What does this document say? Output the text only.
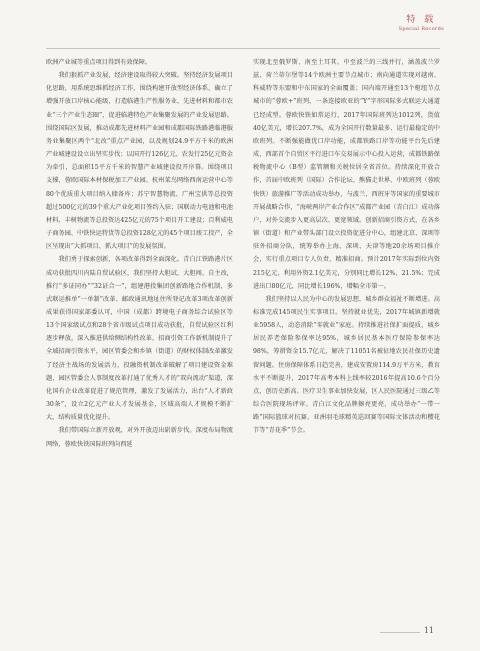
特 载
Special Records

欧洲产业城等重点项目得到有效保障。

我们狠抓产业发展，经济建设取得较大突破。坚持经济发展项目化思路，用系统思维抓经济工作，围绕构建开放型经济体系，确立了增强开放口岸核心能级，打造临港生产性服务业、先进材料和都市农业“三个产业生态圈”，促进临港特色产业集聚发展的产业发展思路。围绕国际区发展，推动成都先进材料产业园和成都国际铁路港临港服务业集聚区两个“北改”重点产业园，以及规划24.9平方千米的欧洲产业城建设设立出坚实步伐；以国开行126亿元、农发行25亿元资金为牵引，总面积15平方千米的智慧产业城建设投开序幕。围绕项目支撑，蓉欧国际本材保税加工产业园、杭州菜鸟网络西南运营中心等80个优质重大项目纳入储备库；苏宁智慧物流、广州宝供等总投资超过500亿元的39个重大产业化项目签约入驻；国联动力电池和电池材料、丰树物流等总投资达425亿元的75个项目开工建设；百利威电子商务园、中铁快运特货等总投资128亿元的45个项目竣工投产，全区呈现出“大抓项目、抓大项目”的发展氛围。

我们勇于探索创新，各项改革得到全面深化。青白江铁路港片区成功获批四川内陆自贸试验区，我们坚持大胆试、大胆闯、自主改，推行“多证同办”“32证合一”，组建港投集团创新路地合作机制，多式联运推单“一单制”改革、邮政通讯地址住所登记改革3项改革创新成果获得国家部委认可，中国（成都）跨境电子商务综合试验区等13个国家级试点和28个省市级试点项目成功获批，自贸试验区红利逐步释放，深入推进供给侧结构性改革，招商引资工作新机制提升了全域招商引资水平，园区管委会和乡镇（街道）的财权体制改革激发了经济主战场的发展活力，投融资机制改革破解了项目建设资金难题，园区管委会人事制度改革打通了优秀人才的“双向流动”渠道，深化国有企业改革促进了规范管理，激发了发展活力，出台“人才新政30条”，设立2亿元产业人才发展基金，区域高端人才规模不断扩大，结构质量优化提升。

我们带国际立新开放观，对外开放迈出崭新步伐。深度布局物流网络，蓉欧快铁国际班列向西延

实现北至俄罗斯、南至土耳其、中至波兰的三线并行，涵盖波兰罗兹、荷兰蒂尔堡等14个欧洲主要节点城市；南向通道实现对越南、科威特等东盟和中东国家的全面覆盖；国内端开通至13个枢纽节点城市的“蓉欧+”班列，一条连接欧亚的“Y”字形国际多式联运大通道已经成型。蓉欧快铁如常运行，2017年国际班列达1012列，货值40亿美元，增长207.7%，成为全国开行数量最多、运行最稳定的中欧班列。不断强能做优口岸功能，成都铁路口岸等功能平台先后建成，西部首个自贸区平行进口车交易展示中心投入运营，成都铁路保税物流中心（B型）监管额和关税位居全省首位。持续深化开放合作，首届中欧班列（国际）合作论坛、熊猫走世界、中欧班列（蓉欧快铁）旅游推广等活动成功举办，与波兰、西班牙等国家的重要城市开展战略合作，“海峡两岸产业合作区”成都产业园（青白江）成功落户，对外交流步入更高层次、更宽领域。创新招商引资方式，在各乡镇（街道）和产业带头部门设立投资促进分中心，组建北京、深圳等驻外招商分队，统筹举办上海、深圳、天津等地20余场项目推介会，实行重点项目专人负责、精准招商。预计2017年实际到位内资215亿元、利用外资2.1亿美元，分别同比增长12%、21.5%；完成进出口80亿元，同比增长196%，增幅全市第一。

我们坚持以人民为中心的发展思想，城乡群众福祉不断增进。高标准完成145项民生实事项目。坚持就业优先，2017年城镇新增就业5958人，动态消除“零就业”家庭。持续推进社保扩面提质，城乡居民养老保险参保率达95%，城乡居民基本医疗保险参保率达98%，筹措资金15.7亿元，解决了11051名被征地农民社保历史遗留问题。住房保障体系日趋完善，建成安置房114.9万平方米，教育水平不断提升，2017年高考本科上线率较2016年提高10.6个百分点，创历史新高。医疗卫生事业加快发展，区人民医院通过三级乙等综合医院现场评审。青白江文化品牌擦亮更亮，成功举办“一带一路”国际篮球对抗赛、亚洲羽毛球精英巡回赛等国际文体活动和樱花节等“青花季”节会。

11
